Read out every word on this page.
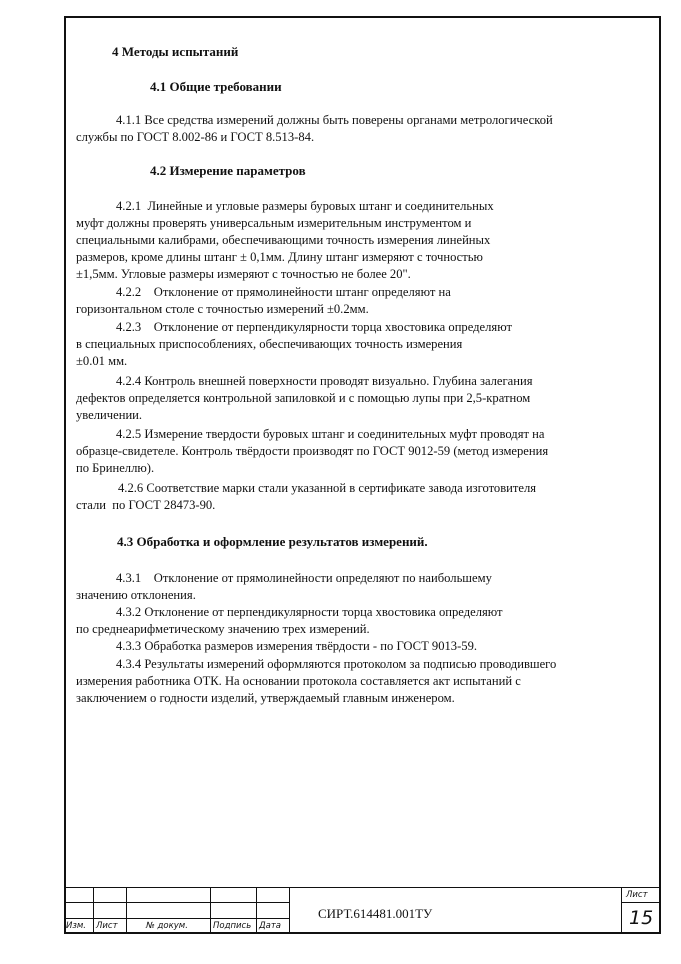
4 Методы испытаний

4.1 Общие требовании

4.1.1 Все средства измерений должны быть поверены органами метрологической

службы по ГОСТ 8.002-86 и ГОСТ 8.513-84.

4.2 Измерение параметров

4.2.1  Линейные и угловые размеры буровых штанг и соединительных

муфт должны проверять универсальным измерительным инструментом и

специальными калибрами, обеспечивающими точность измерения линейных

размеров, кроме длины штанг ± 0,1мм. Длину штанг измеряют с точностью

±1,5мм. Угловые размеры измеряют с точностью не более 20".

4.2.2    Отклонение от прямолинейности штанг определяют на

горизонтальном столе с точностью измерений ±0.2мм.

4.2.3    Отклонение от перпендикулярности торца хвостовика определяют

в специальных приспособлениях, обеспечивающих точность измерения

±0.01 мм.

4.2.4 Контроль внешней поверхности проводят визуально. Глубина залегания

дефектов определяется контрольной запиловкой и с помощью лупы при 2,5-кратном

увеличении.

4.2.5 Измерение твердости буровых штанг и соединительных муфт проводят на

образце-свидетеле. Контроль твёрдости производят по ГОСТ 9012-59 (метод измерения

по Бринеллю).

4.2.6 Соответствие марки стали указанной в сертификате завода изготовителя

стали  по ГОСТ 28473-90.

4.3 Обработка и оформление результатов измерений.

4.3.1    Отклонение от прямолинейности определяют по наибольшему

значению отклонения.

4.3.2 Отклонение от перпендикулярности торца хвостовика определяют

по среднеарифметическому значению трех измерений.

4.3.3 Обработка размеров измерения твёрдости - по ГОСТ 9013-59.

4.3.4 Результаты измерений оформляются протоколом за подписью проводившего

измерения работника ОТК. На основании протокола составляется акт испытаний с

заключением о годности изделий, утверждаемый главным инженером.

Изм. Лист	№ докум.	Подпись Дата
СИРТ.614481.001ТУ
Лист
15
